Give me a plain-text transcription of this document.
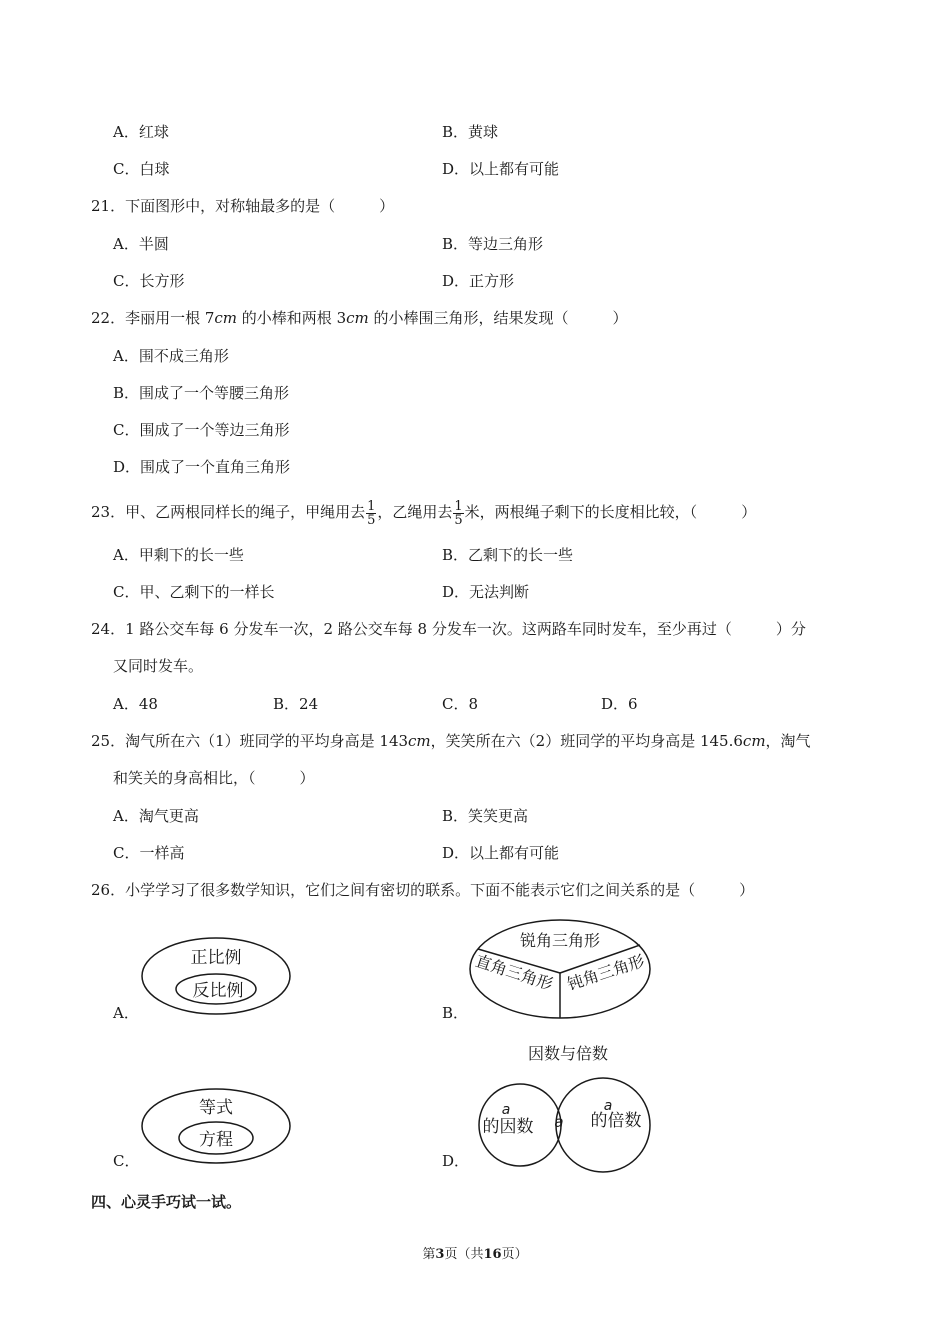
A．红球	B．黄球
C．白球	D．以上都有可能
21．下面图形中，对称轴最多的是（	）
A．半圆	B．等边三角形
C．长方形	D．正方形
22．李丽用一根 7cm 的小棒和两根 3cm 的小棒围三角形，结果发现（	）
A．围不成三角形
B．围成了一个等腰三角形
C．围成了一个等边三角形
D．围成了一个直角三角形
23．甲、乙两根同样长的绳子，甲绳用去 $\frac{1}{5}$ ，乙绳用去 $\frac{1}{5}$ 米，两根绳子剩下的长度相比较，（	）
A．甲剩下的长一些	B．乙剩下的长一些
C．甲、乙剩下的一样长	D．无法判断
24．1 路公交车每 6 分发车一次，2 路公交车每 8 分发车一次。这两路车同时发车，至少再过（	）分
又同时发车。
A．48	B．24	C．8	D．6
25．淘气所在六（1）班同学的平均身高是 143cm，笑笑所在六（2）班同学的平均身高是 145.6cm，淘气
和笑关的身高相比，（	）
A．淘气更高	B．笑笑更高
C．一样高	D．以上都有可能
26．小学学习了很多数学知识，它们之间有密切的联系。下面不能表示它们之间关系的是（	）
A．
正比例
反比例
B．
锐角三角形
直角三角形 钝角三角形
C．
等式
方程
D．
因数与倍数
a
的因数 a
a
的倍数
四、心灵手巧试一试。
第3页（共16页）
